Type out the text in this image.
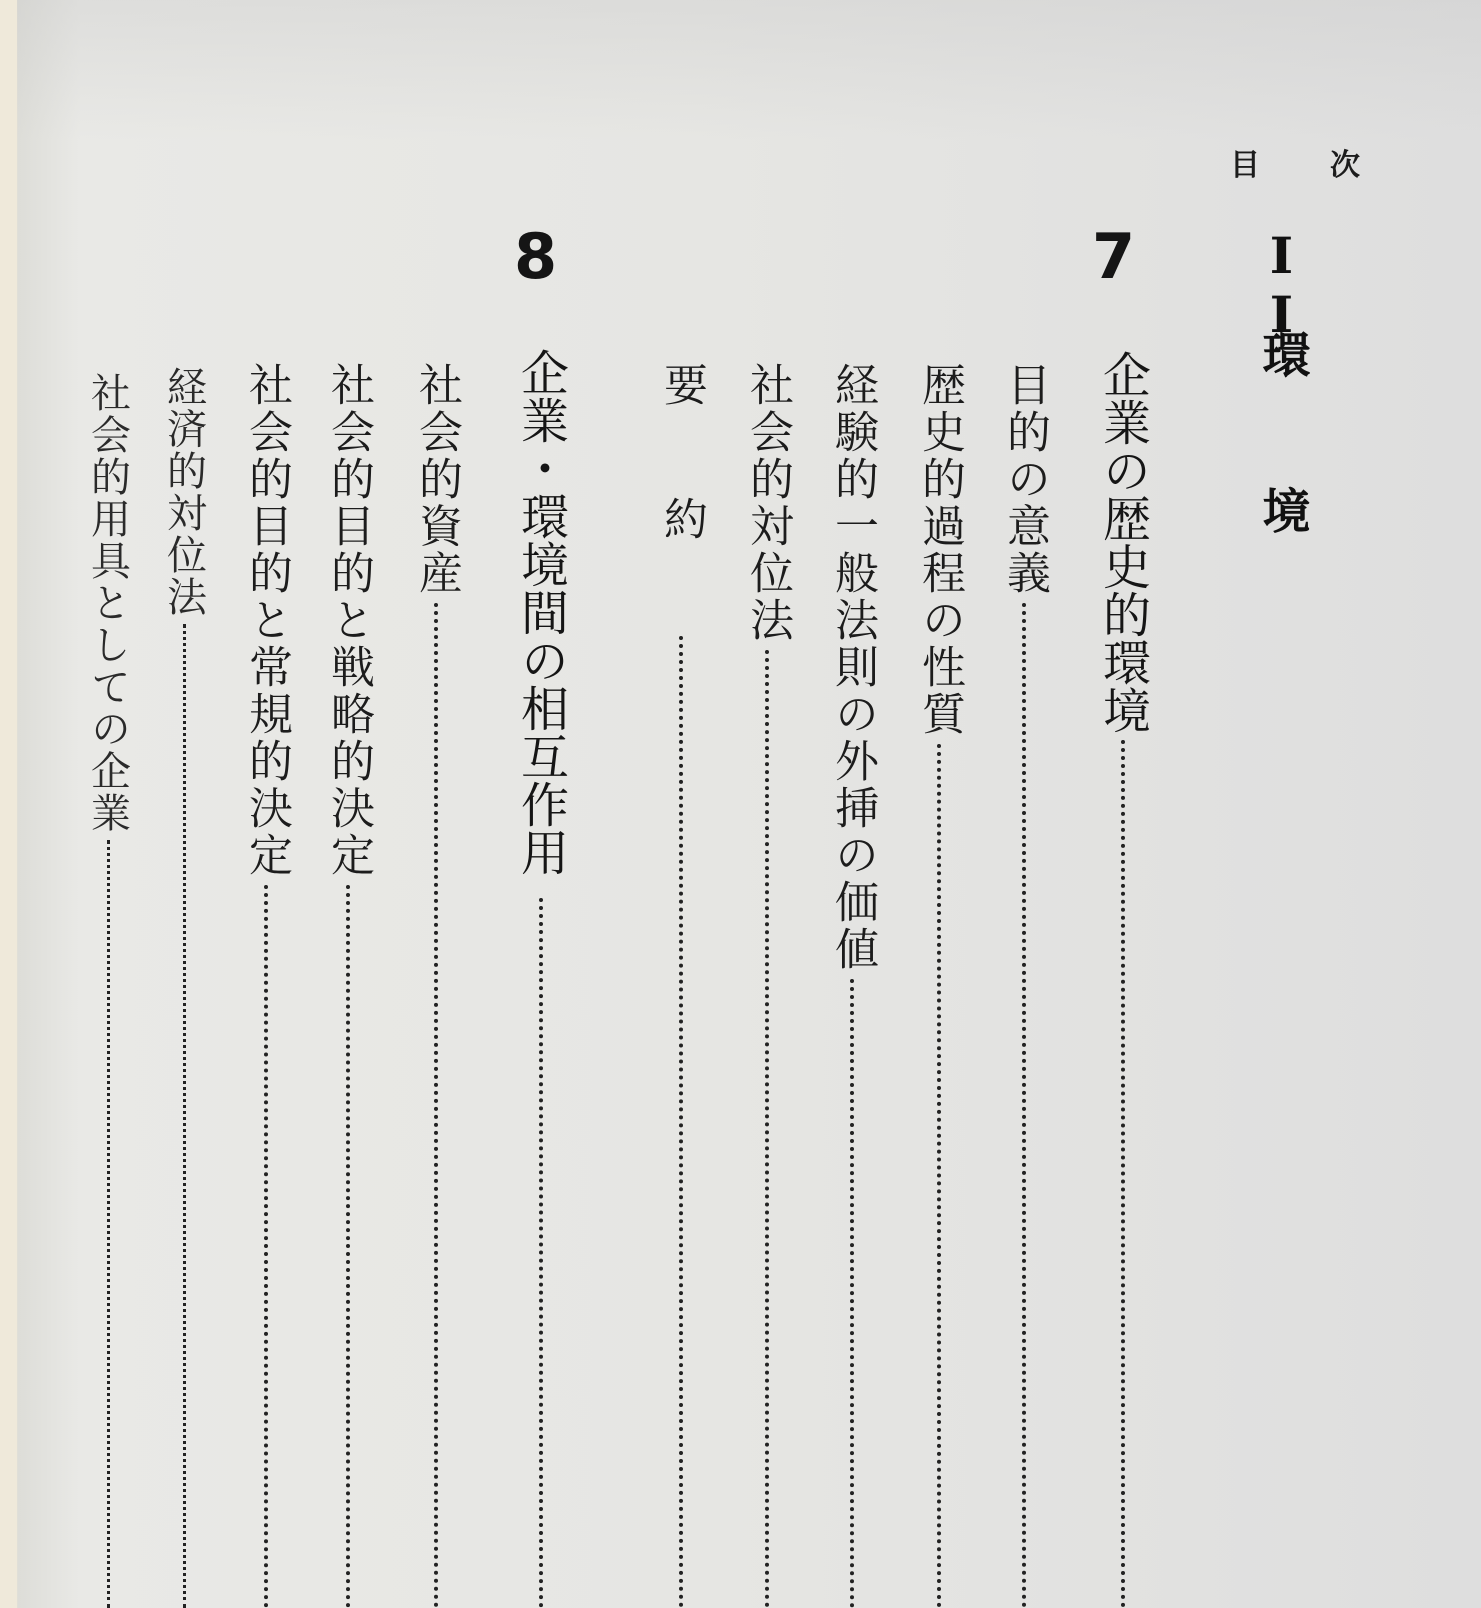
目次
II
環境
7
企業の歴史的環境
目的の意義
歴史的過程の性質
経験的一般法則の外挿の価値
社会的対位法
要約
8
企業・環境間の相互作用
社会的資産
社会的目的と戦略的決定
社会的目的と常規的決定
経済的対位法
社会的用具としての企業
